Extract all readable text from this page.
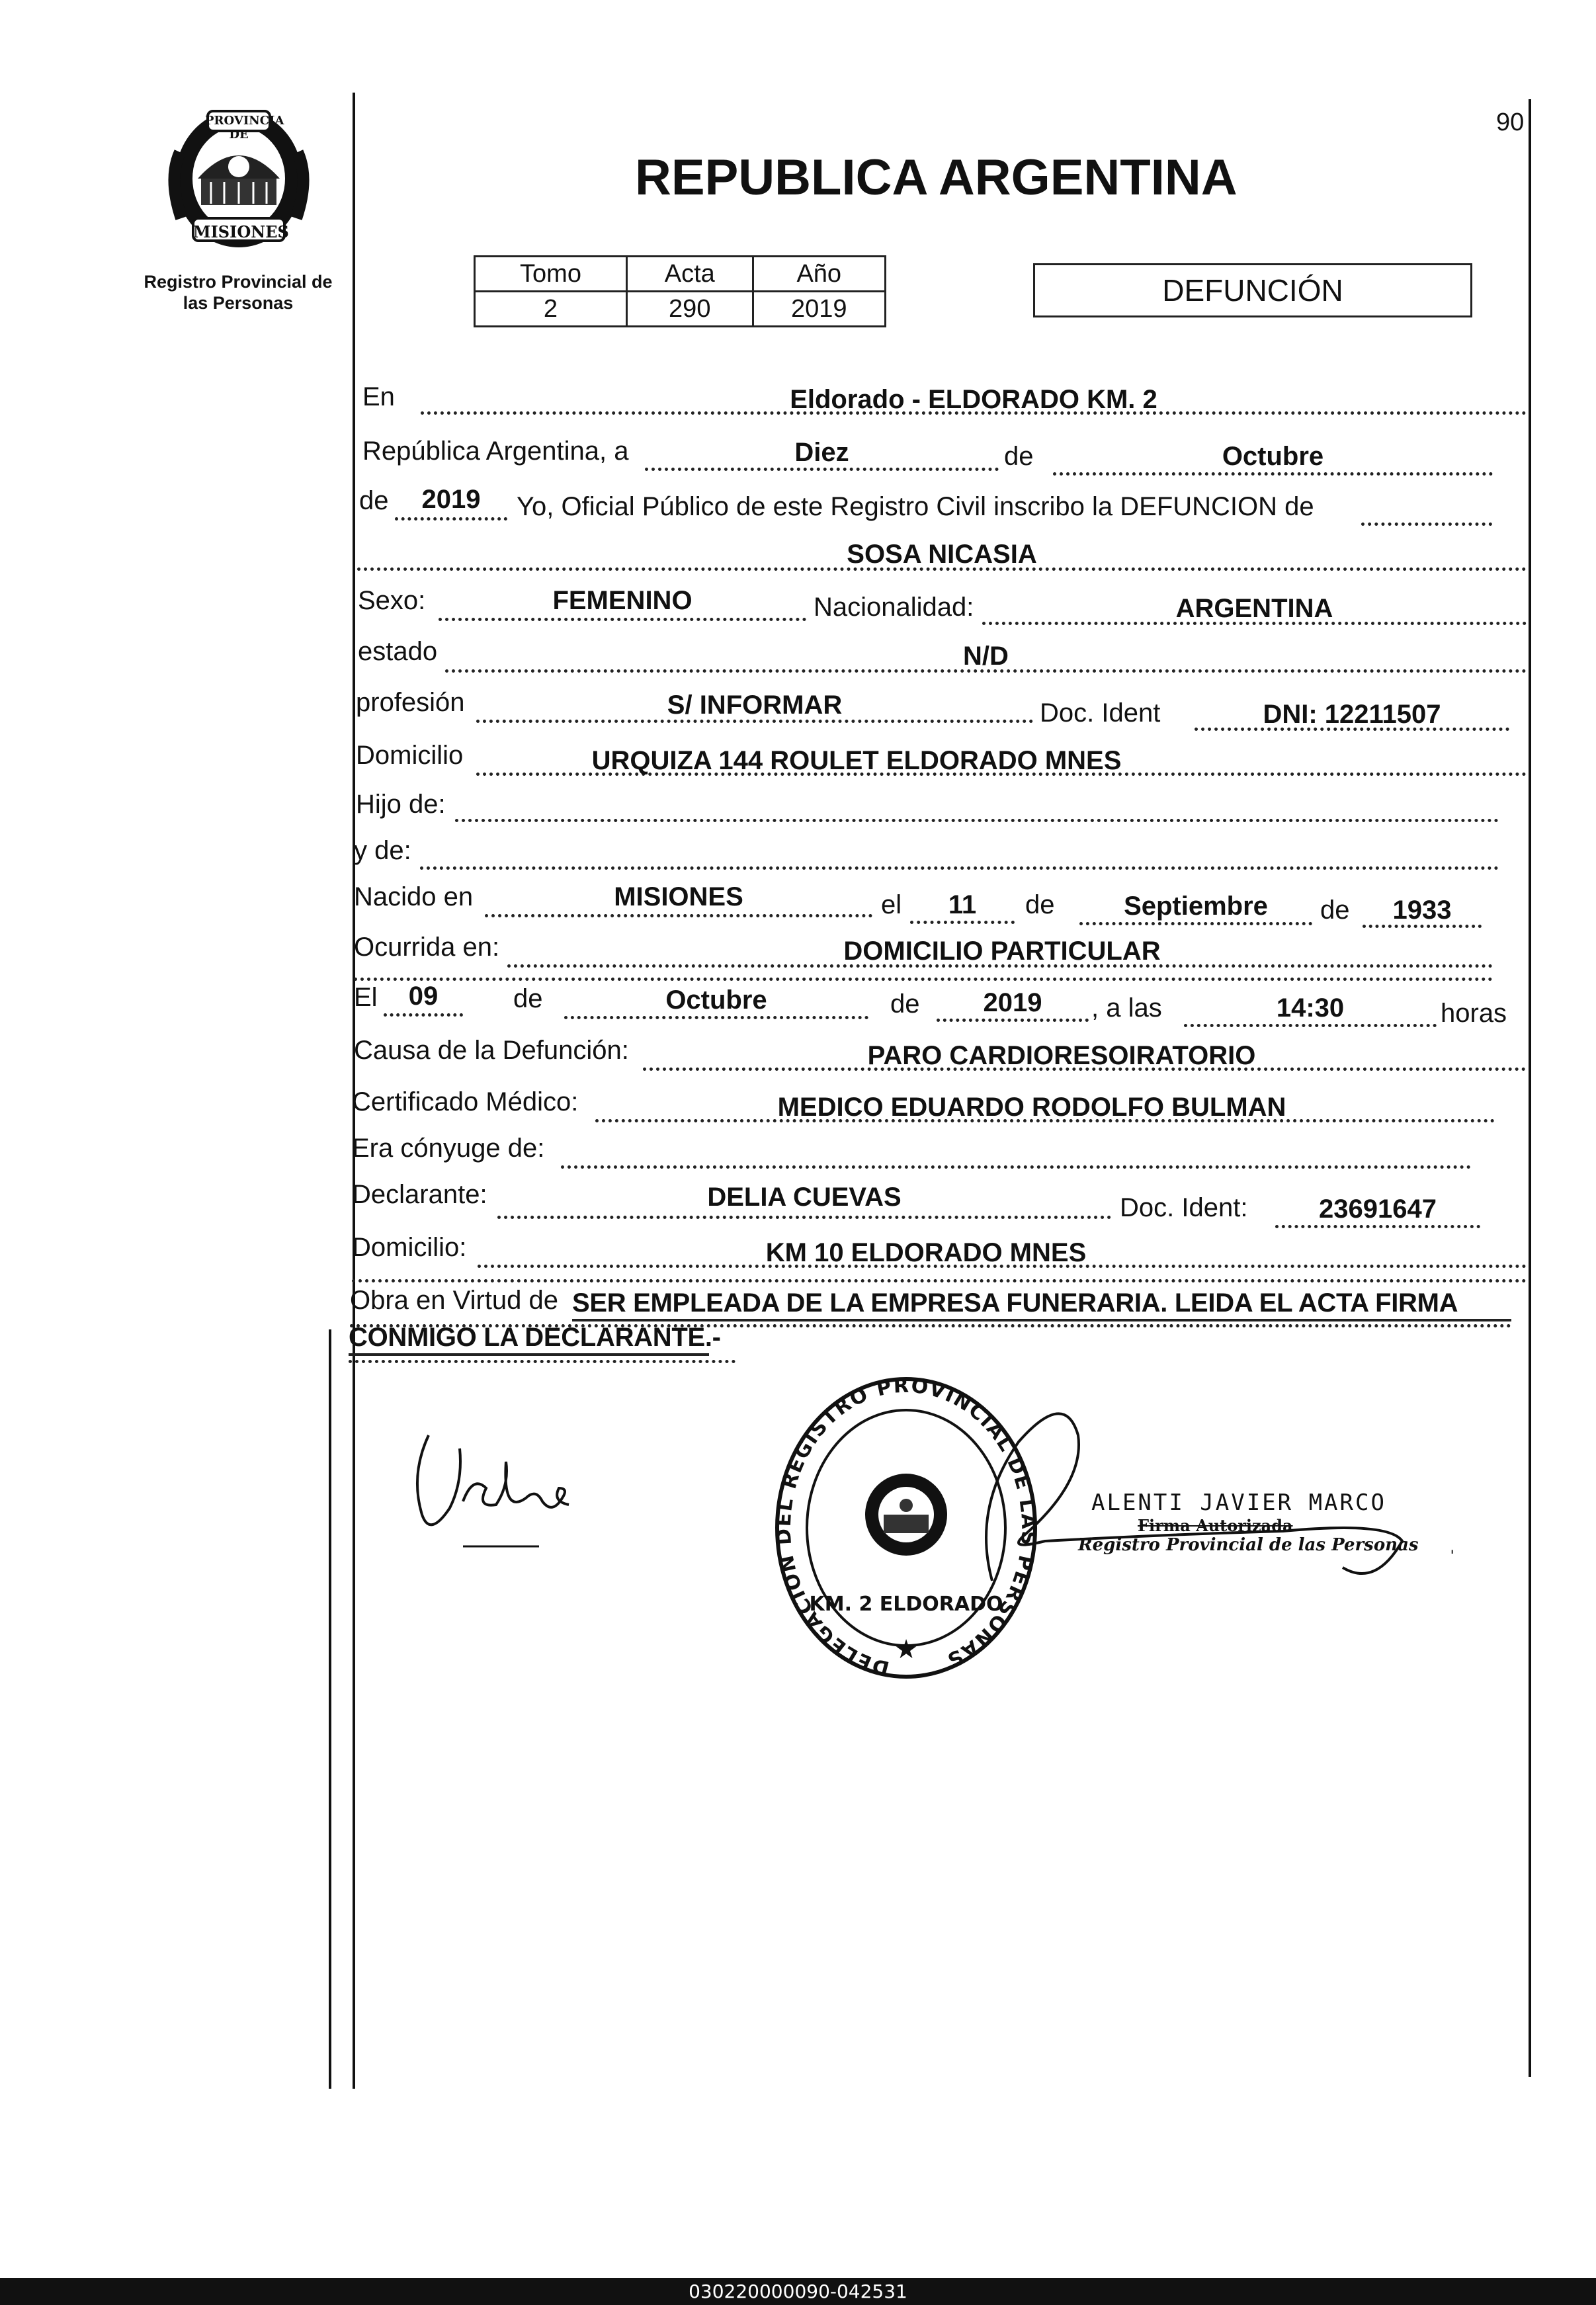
90
PROVINCIA DE
MISIONES
Registro Provincial de
las Personas
REPUBLICA ARGENTINA
Tomo	Acta	Año
2	290	2019
DEFUNCIÓN
En	Eldorado - ELDORADO KM. 2
República Argentina, a	Diez	de	Octubre
de	2019	Yo, Oficial Público de este Registro Civil inscribo la DEFUNCION de
SOSA NICASIA
Sexo:	FEMENINO	Nacionalidad:	ARGENTINA
estado	N/D
profesión	S/ INFORMAR	Doc. Ident	DNI: 12211507
Domicilio	URQUIZA 144 ROULET ELDORADO MNES
Hijo de:
y de:
Nacido en	MISIONES	el	11	de	Septiembre	de	1933
Ocurrida en:	DOMICILIO PARTICULAR
El	09	de	Octubre	de	2019	, a las	14:30	horas
Causa de la Defunción:	PARO CARDIORESOIRATORIO
Certificado Médico:	MEDICO EDUARDO RODOLFO BULMAN
Era cónyuge de:
Declarante:	DELIA CUEVAS	Doc. Ident:	23691647
Domicilio:	KM 10 ELDORADO MNES
Obra en Virtud de SER EMPLEADA DE LA EMPRESA FUNERARIA. LEIDA EL ACTA FIRMA
CONMIGO LA DECLARANTE.-
DELEGACION DEL REGISTRO PROVINCIAL DE LAS PERSONAS
KM. 2 ELDORADO
★
ALENTI JAVIER MARCO
Firma Autorizada
Registro Provincial de las Personas ˌ
030220000090-042531
